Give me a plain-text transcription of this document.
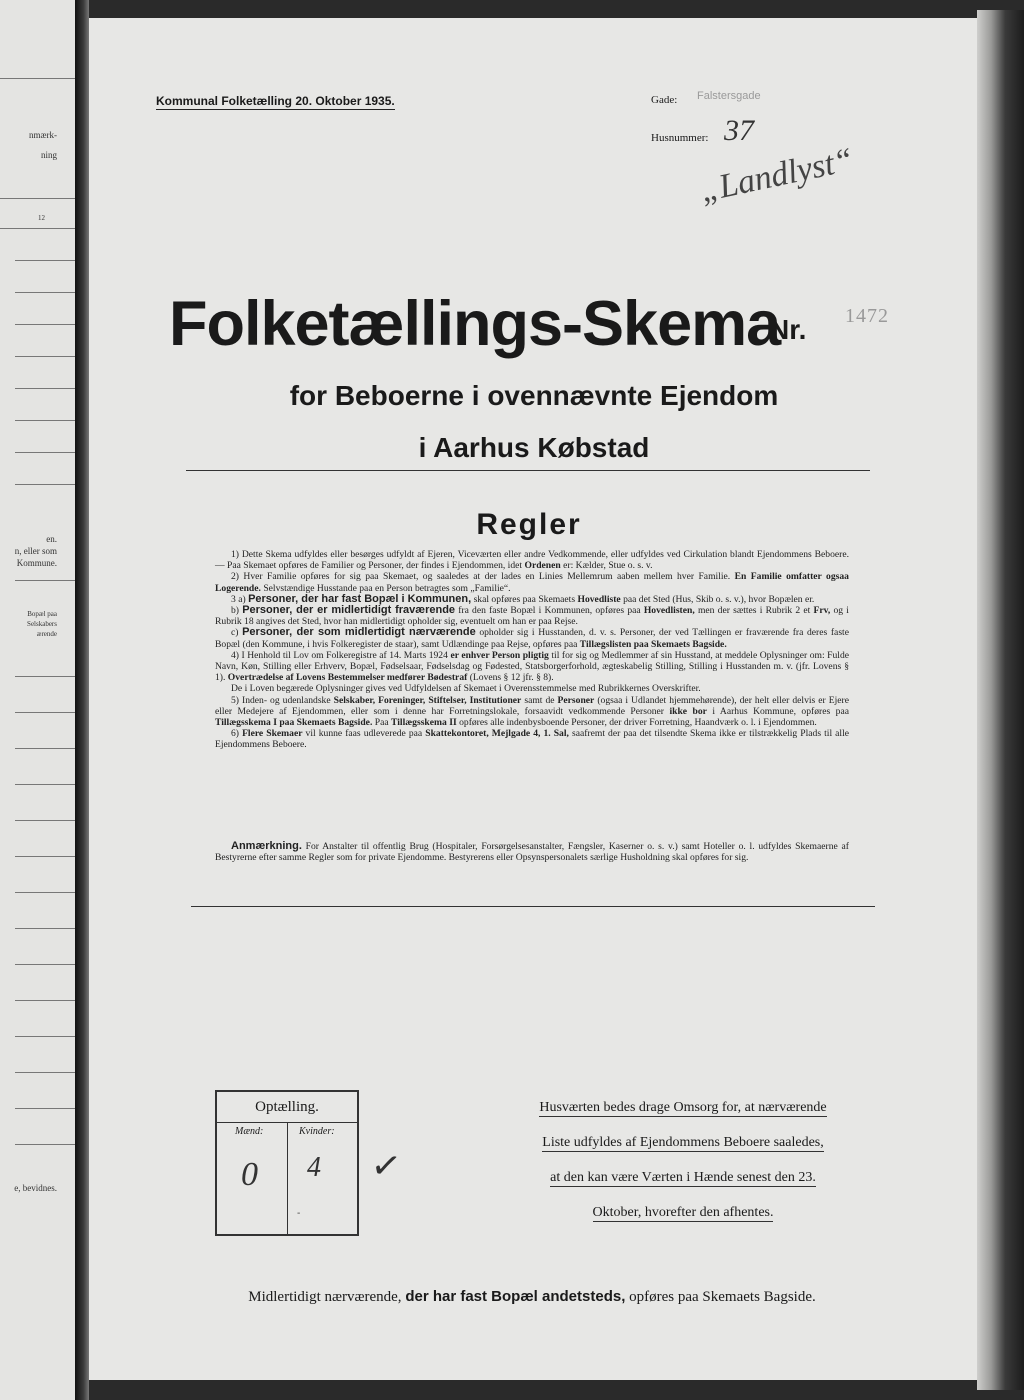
nmærk-
ning
12
en.
n, eller som
Kommune.
Bopæl paa
Selskabers
ærende
e, bevidnes.
Kommunal Folketælling 20. Oktober 1935.	Gade: Falstersgade
Husnummer: 37
„Landlyst“
Folketællings-Skema
Nr. 1472
for Beboerne i ovennævnte Ejendom
i Aarhus Købstad
Regler

1) Dette Skema udfyldes eller besørges udfyldt af Ejeren, Viceværten eller andre Vedkommende, eller udfyldes ved Cirkulation blandt Ejendommens Beboere. — Paa Skemaet opføres de Familier og Personer, der findes i Ejendommen, idet Ordenen er: Kælder, Stue o. s. v.

2) Hver Familie opføres for sig paa Skemaet, og saaledes at der lades en Linies Mellemrum aaben mellem hver Familie. En Familie omfatter ogsaa Logerende. Selvstændige Husstande paa en Person betragtes som „Familie“.

3 a) Personer, der har fast Bopæl i Kommunen, skal opføres paa Skemaets Hovedliste paa det Sted (Hus, Skib o. s. v.), hvor Bopælen er.

b) Personer, der er midlertidigt fraværende fra den faste Bopæl i Kommunen, opføres paa Hovedlisten, men der sættes i Rubrik 2 et Frv, og i Rubrik 18 angives det Sted, hvor han midlertidigt opholder sig, eventuelt om han er paa Rejse.

c) Personer, der som midlertidigt nærværende opholder sig i Husstanden, d. v. s. Personer, der ved Tællingen er fraværende fra deres faste Bopæl (den Kommune, i hvis Folkeregister de staar), samt Udlændinge paa Rejse, opføres paa Tillægslisten paa Skemaets Bagside.

4) I Henhold til Lov om Folkeregistre af 14. Marts 1924 er enhver Person pligtig til for sig og Medlemmer af sin Husstand, at meddele Oplysninger om: Fulde Navn, Køn, Stilling eller Erhverv, Bopæl, Fødselsaar, Fødselsdag og Fødested, Statsborgerforhold, ægteskabelig Stilling, Stilling i Husstanden m. v. (jfr. Lovens § 1). Overtrædelse af Lovens Bestemmelser medfører Bødestraf (Lovens § 12 jfr. § 8).

De i Loven begærede Oplysninger gives ved Udfyldelsen af Skemaet i Overensstemmelse med Rubrikkernes Overskrifter.

5) Inden- og udenlandske Selskaber, Foreninger, Stiftelser, Institutioner samt de Personer (ogsaa i Udlandet hjemmehørende), der helt eller delvis er Ejere eller Medejere af Ejendommen, eller som i denne har Forretningslokale, forsaavidt vedkommende Personer ikke bor i Aarhus Kommune, opføres paa Tillægsskema I paa Skemaets Bagside. Paa Tillægsskema II opføres alle indenbysboende Personer, der driver Forretning, Haandværk o. l. i Ejendommen.

6) Flere Skemaer vil kunne faas udleverede paa Skattekontoret, Mejlgade 4, 1. Sal, saafremt der paa det tilsendte Skema ikke er tilstrækkelig Plads til alle Ejendommens Beboere.

Anmærkning. For Anstalter til offentlig Brug (Hospitaler, Forsørgelsesanstalter, Fængsler, Kaserner o. s. v.) samt Hoteller o. l. udfyldes Skemaerne af Bestyrerne efter samme Regler som for private Ejendomme. Bestyrerens eller Opsynspersonalets særlige Husholdning skal opføres for sig.
Optælling.
Mænd:	Kvinder:
0 4
-
✓
Husværten bedes drage Omsorg for, at nærværende
Liste udfyldes af Ejendommens Beboere saaledes,
at den kan være Værten i Hænde senest den 23.
Oktober, hvorefter den afhentes.
Midlertidigt nærværende, der har fast Bopæl andetsteds, opføres paa Skemaets Bagside.
